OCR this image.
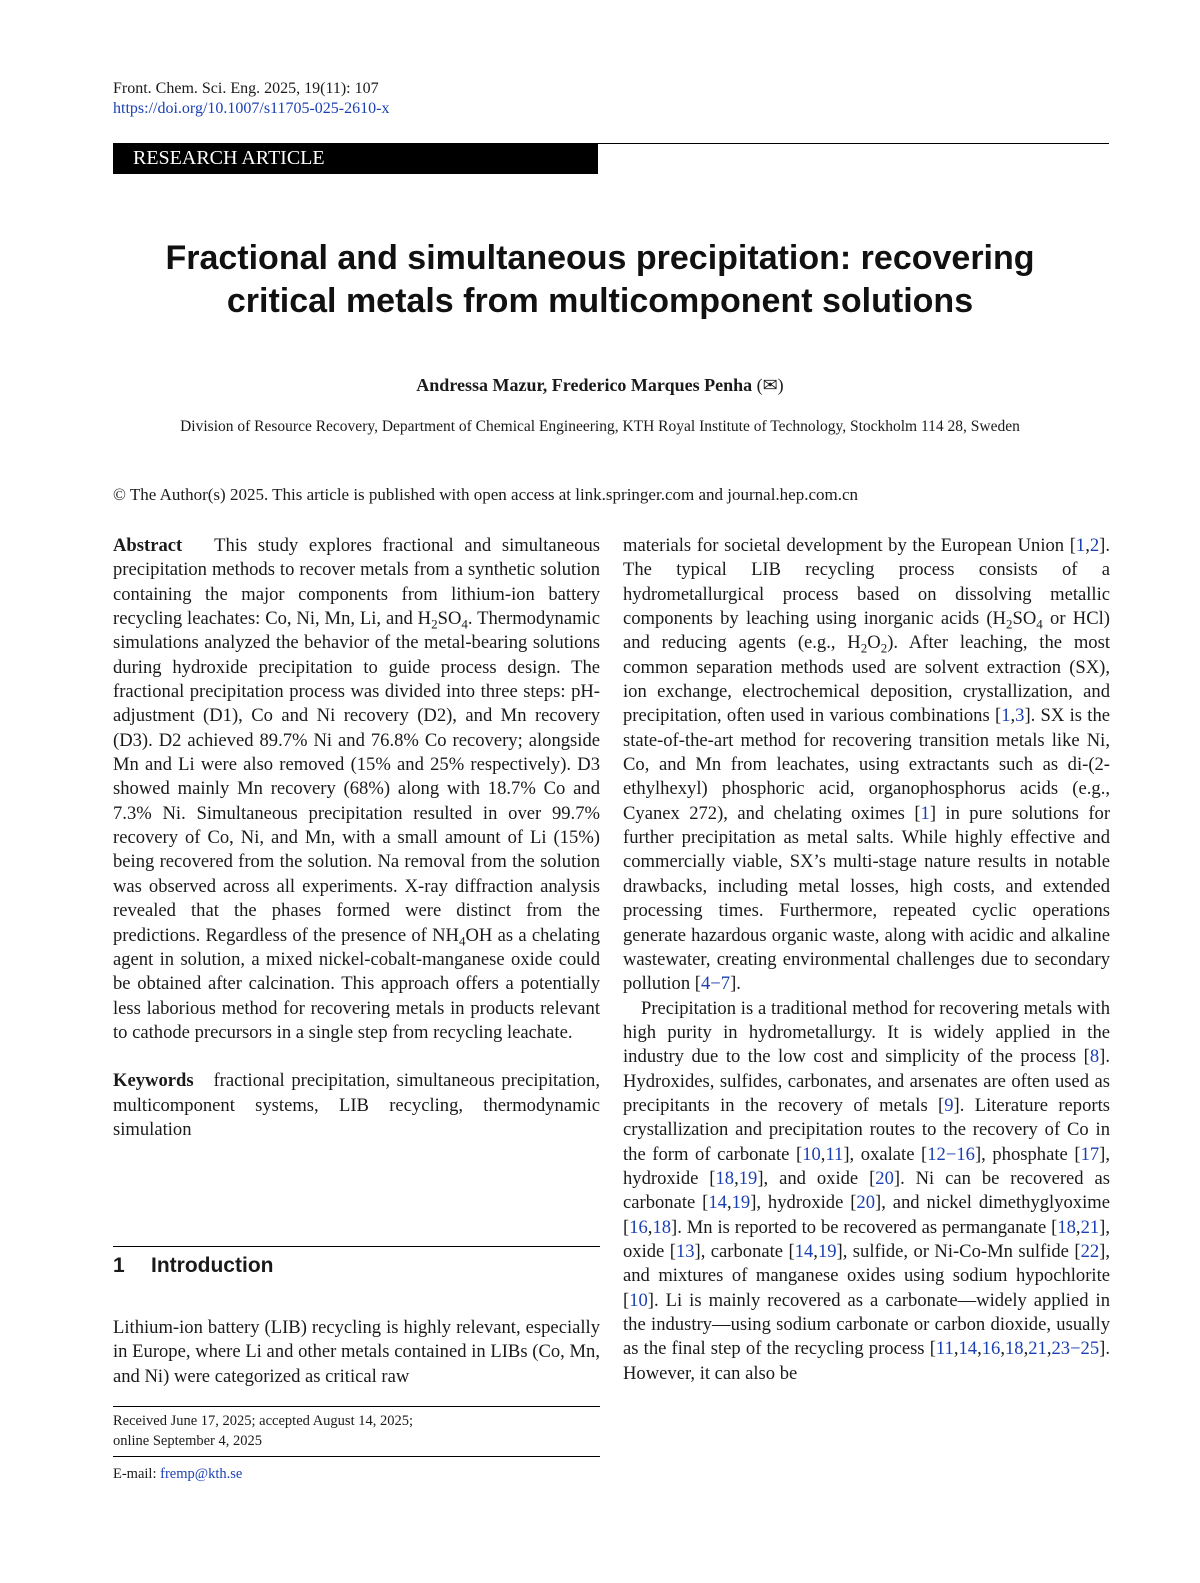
Front. Chem. Sci. Eng. 2025, 19(11): 107
https://doi.org/10.1007/s11705-025-2610-x
RESEARCH ARTICLE
Fractional and simultaneous precipitation: recovering
critical metals from multicomponent solutions
Andressa Mazur, Frederico Marques Penha (✉)
Division of Resource Recovery, Department of Chemical Engineering, KTH Royal Institute of Technology, Stockholm 114 28, Sweden
© The Author(s) 2025. This article is published with open access at link.springer.com and journal.hep.com.cn

Abstract This study explores fractional and simultaneous precipitation methods to recover metals from a synthetic solution containing the major components from lithium-ion battery recycling leachates: Co, Ni, Mn, Li, and $H_2SO_4$. Thermodynamic simulations analyzed the behavior of the metal-bearing solutions during hydroxide precipitation to guide process design. The fractional precipitation process was divided into three steps: pH-adjustment (D1), Co and Ni recovery (D2), and Mn recovery (D3). D2 achieved 89.7% Ni and 76.8% Co recovery; alongside Mn and Li were also removed (15% and 25% respectively). D3 showed mainly Mn recovery (68%) along with 18.7% Co and 7.3% Ni. Simultaneous precipitation resulted in over 99.7% recovery of Co, Ni, and Mn, with a small amount of Li (15%) being recovered from the solution. Na removal from the solution was observed across all experiments. X-ray diffraction analysis revealed that the phases formed were distinct from the predictions. Regardless of the presence of $NH_4OH$ as a chelating agent in solution, a mixed nickel-cobalt-manganese oxide could be obtained after calcination. This approach offers a potentially less laborious method for recovering metals in products relevant to cathode precursors in a single step from recycling leachate.

Keywords fractional precipitation, simultaneous precipitation, multicomponent systems, LIB recycling, thermodynamic simulation

1 Introduction
Lithium-ion battery (LIB) recycling is highly relevant, especially in Europe, where Li and other metals contained in LIBs (Co, Mn, and Ni) were categorized as critical raw
Received June 17, 2025; accepted August 14, 2025;
online September 4, 2025
E-mail: fremp@kth.se

materials for societal development by the European Union [1,2]. The typical LIB recycling process consists of a hydrometallurgical process based on dissolving metallic components by leaching using inorganic acids ($H_2SO_4$ or HCl) and reducing agents (e.g., $H_2O_2$). After leaching, the most common separation methods used are solvent extraction (SX), ion exchange, electrochemical deposition, crystallization, and precipitation, often used in various combinations [1,3]. SX is the state-of-the-art method for recovering transition metals like Ni, Co, and Mn from leachates, using extractants such as di-(2-ethylhexyl) phosphoric acid, organophosphorus acids (e.g., Cyanex 272), and chelating oximes [1] in pure solutions for further precipitation as metal salts. While highly effective and commercially viable, SX’s multi-stage nature results in notable drawbacks, including metal losses, high costs, and extended processing times. Furthermore, repeated cyclic operations generate hazardous organic waste, along with acidic and alkaline wastewater, creating environmental challenges due to secondary pollution [4−7].

Precipitation is a traditional method for recovering metals with high purity in hydrometallurgy. It is widely applied in the industry due to the low cost and simplicity of the process [8]. Hydroxides, sulfides, carbonates, and arsenates are often used as precipitants in the recovery of metals [9]. Literature reports crystallization and precipitation routes to the recovery of Co in the form of carbonate [10,11], oxalate [12−16], phosphate [17], hydroxide [18,19], and oxide [20]. Ni can be recovered as carbonate [14,19], hydroxide [20], and nickel dimethyglyoxime [16,18]. Mn is reported to be recovered as permanganate [18,21], oxide [13], carbonate [14,19], sulfide, or Ni-Co-Mn sulfide [22], and mixtures of manganese oxides using sodium hypochlorite [10]. Li is mainly recovered as a carbonate—widely applied in the industry—using sodium carbonate or carbon dioxide, usually as the final step of the recycling process [11,14,16,18,21,23−25]. However, it can also be
